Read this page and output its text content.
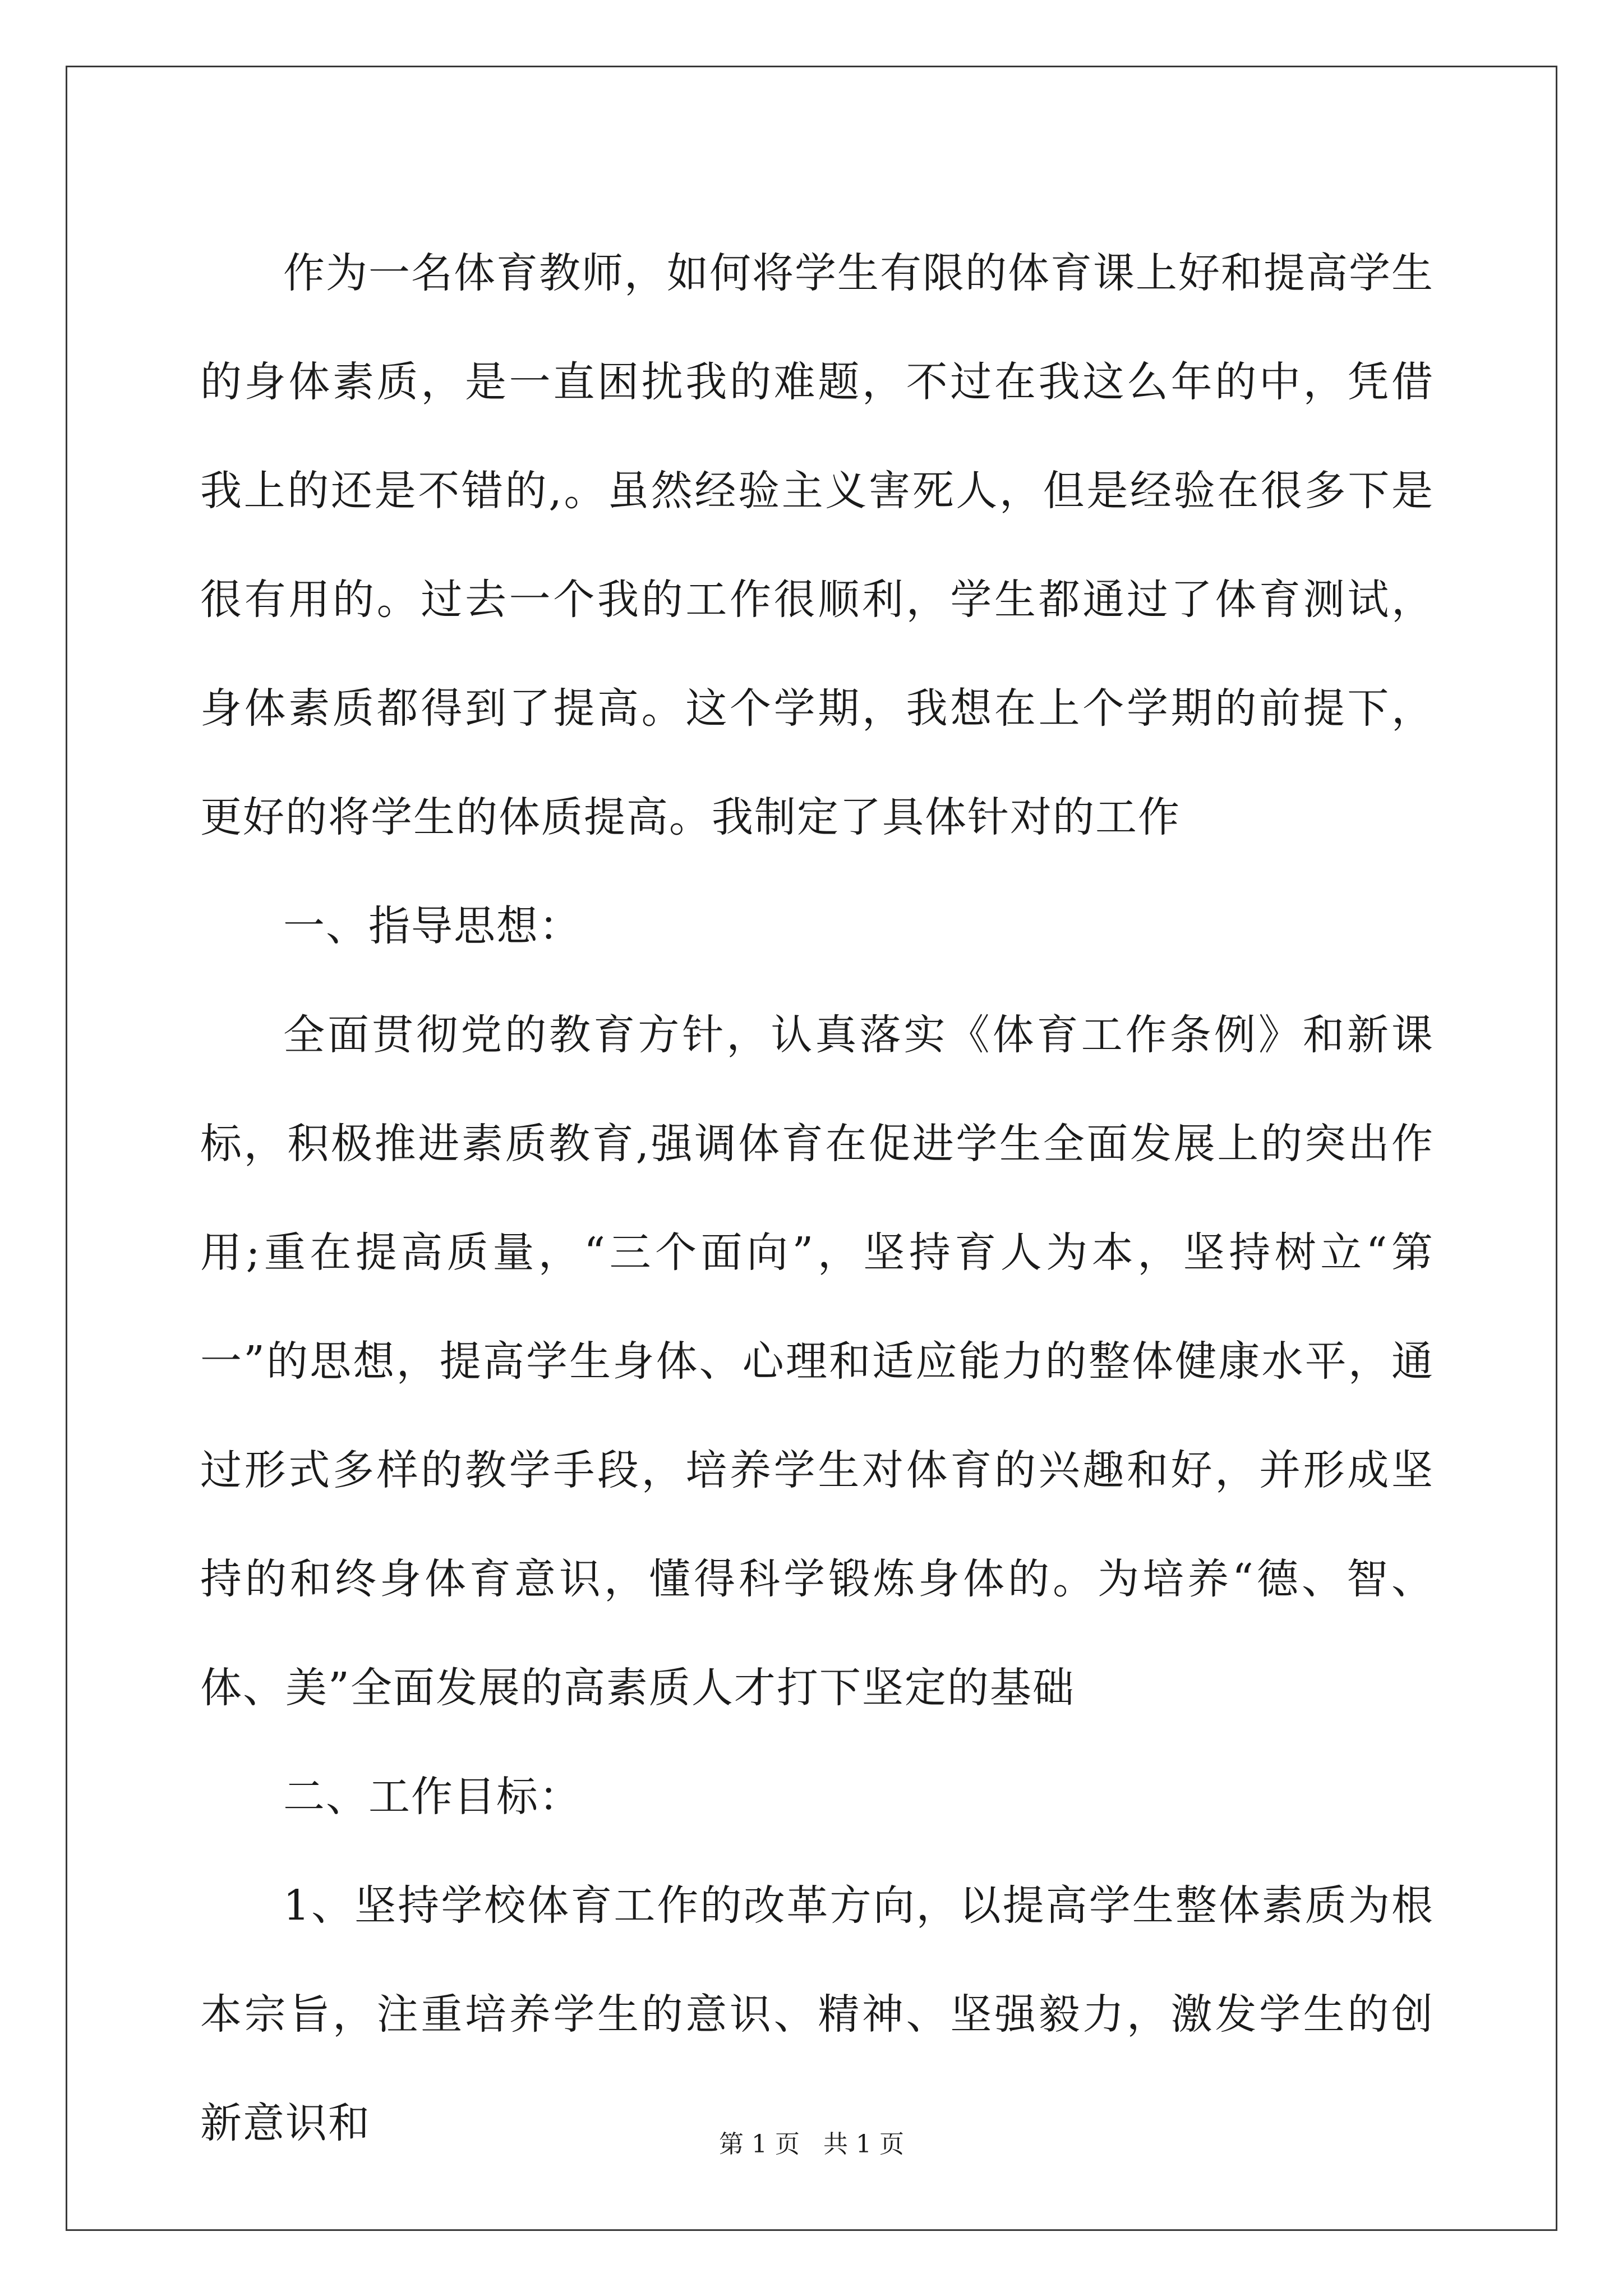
作为一名体育教师，如何将学生有限的体育课上好和提高学生的身体素质，是一直困扰我的难题，不过在我这么年的中，凭借我上的还是不错的,。虽然经验主义害死人，但是经验在很多下是很有用的。过去一个我的工作很顺利，学生都通过了体育测试，身体素质都得到了提高。这个学期，我想在上个学期的前提下，更好的将学生的体质提高。我制定了具体针对的工作

一、指导思想：

全面贯彻党的教育方针，认真落实《体育工作条例》和新课标，积极推进素质教育,强调体育在促进学生全面发展上的突出作用;重在提高质量，“三个面向”，坚持育人为本，坚持树立“第一”的思想，提高学生身体、心理和适应能力的整体健康水平，通过形式多样的教学手段，培养学生对体育的兴趣和好，并形成坚持的和终身体育意识，懂得科学锻炼身体的。为培养“德、智、体、美”全面发展的高素质人才打下坚定的基础

二、工作目标：

1、坚持学校体育工作的改革方向，以提高学生整体素质为根本宗旨，注重培养学生的意识、精神、坚强毅力，激发学生的创新意识和	第 1 页   共 1 页
